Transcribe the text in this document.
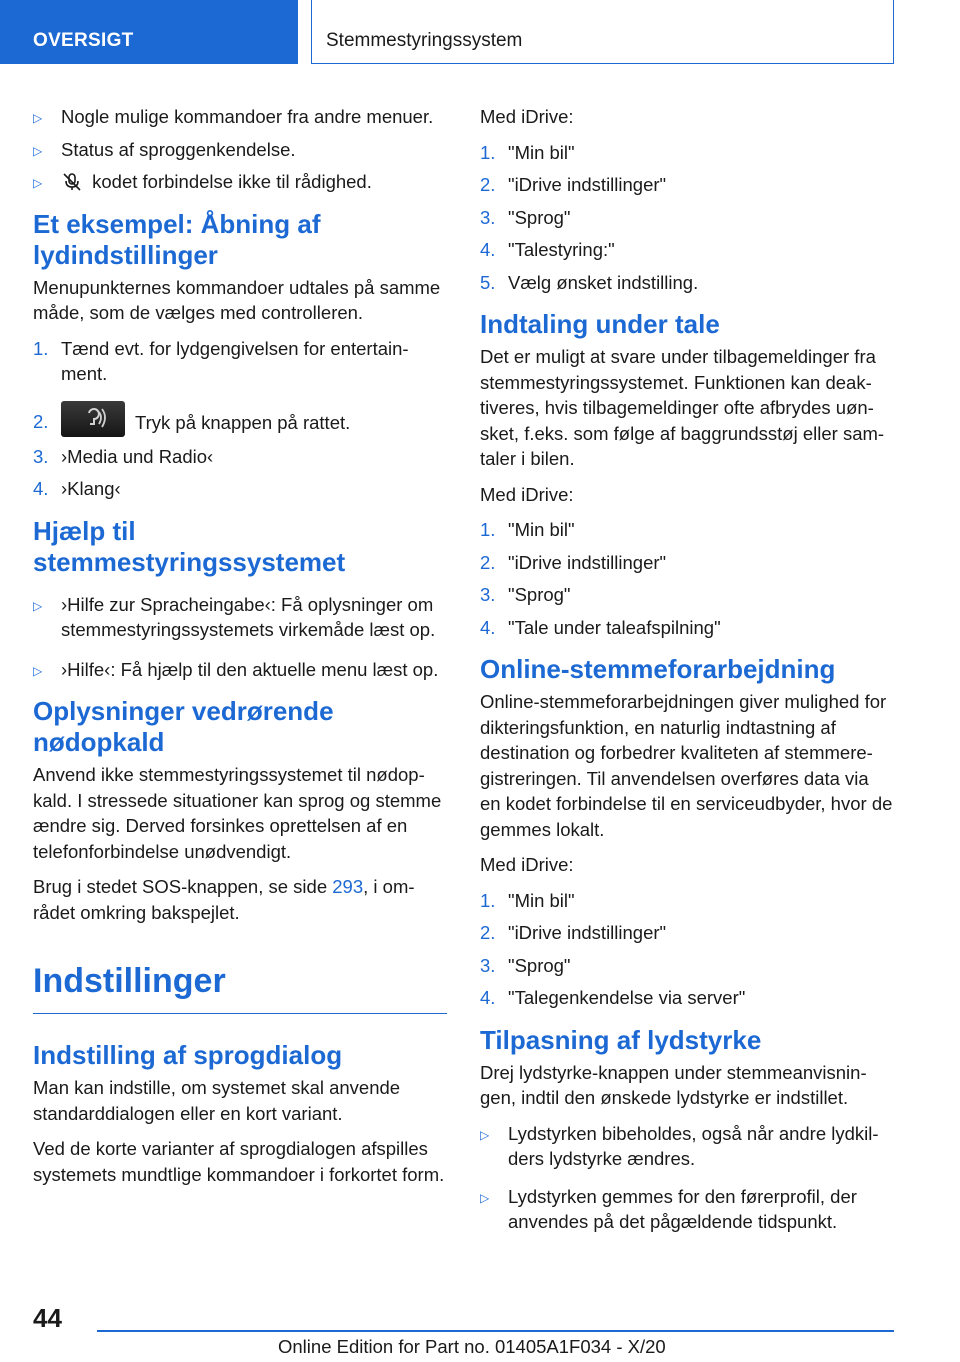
OVERSIGT	Stemmestyringssystem
▷ Nogle mulige kommandoer fra andre menuer.
▷ Status af sproggenkendelse.
▷	kodet forbindelse ikke til rådighed.
Et eksempel: Åbning af lydindstillinger

Menupunkternes kommandoer udtales på samme måde, som de vælges med controlleren.

1. Tænd evt. for lydgengivelsen for entertain‐ment.
2.	Tryk på knappen på rattet.
3. ›Media und Radio‹
4. ›Klang‹
Hjælp til stemmestyringssystemet
▷ ›Hilfe zur Spracheingabe‹: Få oplysninger om stemmestyringssystemets virkemåde læst op.
▷ ›Hilfe‹: Få hjælp til den aktuelle menu læst op.
Oplysninger vedrørende nødopkald

Anvend ikke stemmestyringssystemet til nødop‐kald. I stressede situationer kan sprog og stemme ændre sig. Derved forsinkes oprettelsen af en telefonforbindelse unødvendigt.

Brug i stedet SOS-knappen, se side 293, i om‐rådet omkring bakspejlet.

Indstillinger
Indstilling af sprogdialog

Man kan indstille, om systemet skal anvende standarddialogen eller en kort variant.

Ved de korte varianter af sprogdialogen afspilles systemets mundtlige kommandoer i forkortet form.

Med iDrive:

1. "Min bil"
2. "iDrive indstillinger"
3. "Sprog"
4. "Talestyring:"
5. Vælg ønsket indstilling.
Indtaling under tale

Det er muligt at svare under tilbagemeldinger fra stemmestyringssystemet. Funktionen kan deak‐tiveres, hvis tilbagemeldinger ofte afbrydes uøn‐sket, f.eks. som følge af baggrundsstøj eller sam‐taler i bilen.

Med iDrive:

1. "Min bil"
2. "iDrive indstillinger"
3. "Sprog"
4. "Tale under taleafspilning"
Online-stemmeforarbejdning

Online-stemmeforarbejdningen giver mulighed for dikteringsfunktion, en naturlig indtastning af destination og forbedrer kvaliteten af stemmere‐gistreringen. Til anvendelsen overføres data via en kodet forbindelse til en serviceudbyder, hvor de gemmes lokalt.

Med iDrive:

1. "Min bil"
2. "iDrive indstillinger"
3. "Sprog"
4. "Talegenkendelse via server"
Tilpasning af lydstyrke

Drej lydstyrke-knappen under stemmeanvisnin‐gen, indtil den ønskede lydstyrke er indstillet.

▷ Lydstyrken bibeholdes, også når andre lydkil‐ders lydstyrke ændres.
▷ Lydstyrken gemmes for den førerprofil, der anvendes på det pågældende tidspunkt.
44
Online Edition for Part no. 01405A1F034 - X/20
